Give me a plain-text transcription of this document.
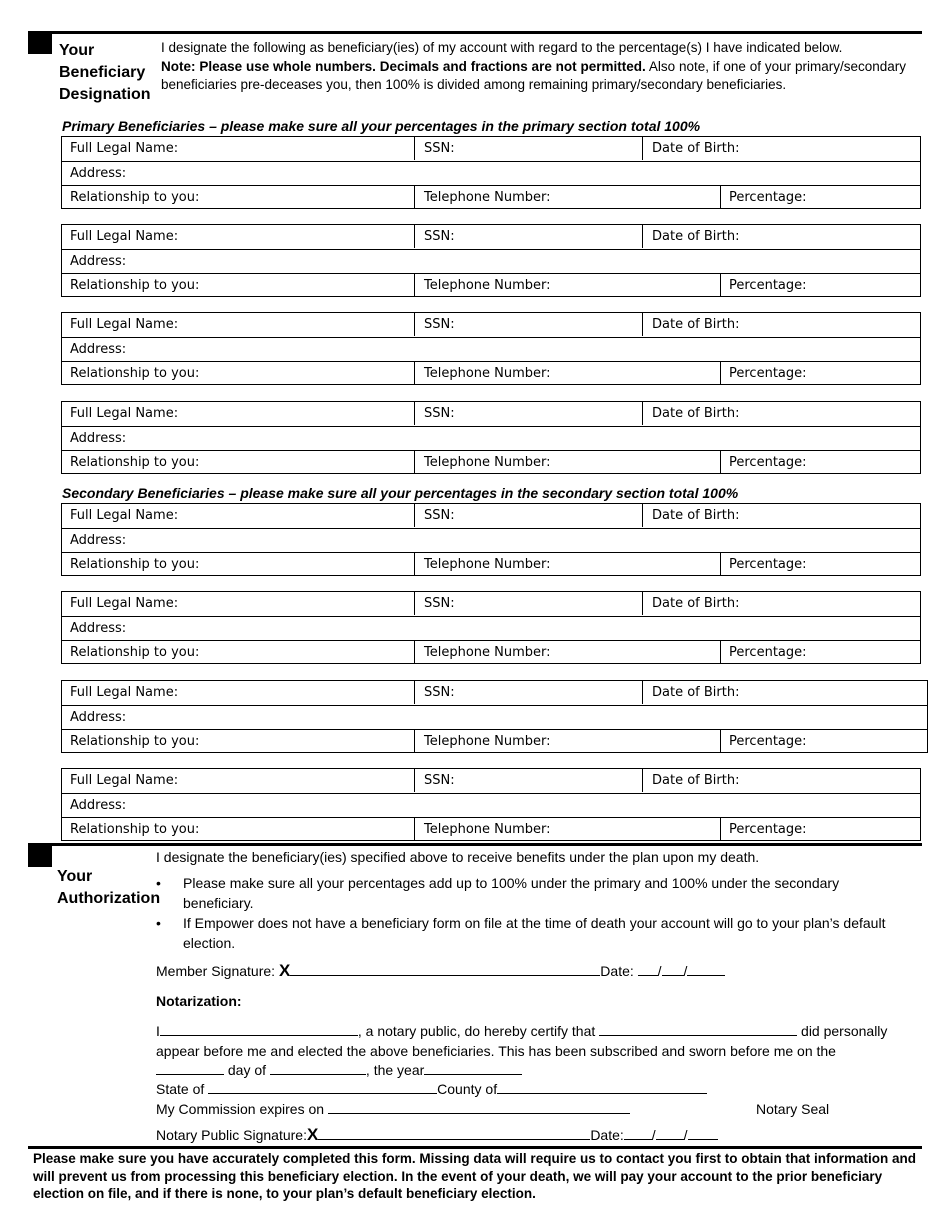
Your
Beneficiary
Designation
I designate the following as beneficiary(ies) of my account with regard to the percentage(s) I have indicated below.
Note: Please use whole numbers. Decimals and fractions are not permitted. Also note, if one of your primary/secondary beneficiaries pre-deceases you, then 100% is divided among remaining primary/secondary beneficiaries.
Primary Beneficiaries – please make sure all your percentages in the primary section total 100%
Full Legal Name:	SSN:	Date of Birth:
Address:
Relationship to you:	Telephone Number:	Percentage:
Full Legal Name:	SSN:	Date of Birth:
Address:
Relationship to you:	Telephone Number:	Percentage:
Full Legal Name:	SSN:	Date of Birth:
Address:
Relationship to you:	Telephone Number:	Percentage:
Full Legal Name:	SSN:	Date of Birth:
Address:
Relationship to you:	Telephone Number:	Percentage:
Secondary Beneficiaries – please make sure all your percentages in the secondary section total 100%
Full Legal Name:	SSN:	Date of Birth:
Address:
Relationship to you:	Telephone Number:	Percentage:
Full Legal Name:	SSN:	Date of Birth:
Address:
Relationship to you:	Telephone Number:	Percentage:
Full Legal Name:	SSN:	Date of Birth:
Address:
Relationship to you:	Telephone Number:	Percentage:
Full Legal Name:	SSN:	Date of Birth:
Address:
Relationship to you:	Telephone Number:	Percentage:
Your
Authorization
I designate the beneficiary(ies) specified above to receive benefits under the plan upon my death.
• Please make sure all your percentages add up to 100% under the primary and 100% under the secondary beneficiary.
• If Empower does not have a beneficiary form on file at the time of death your account will go to your plan’s default election.
Member Signature: X	Date: / /
Notarization:
I	, a notary public, do hereby certify that	did personally
appear before me and elected the above beneficiaries. This has been subscribed and sworn before me on the
day of	, the year
State of	County of
My Commission expires on	Notary Seal
Notary Public Signature:X	Date: / /
Please make sure you have accurately completed this form. Missing data will require us to contact you first to obtain that information and will prevent us from processing this beneficiary election. In the event of your death, we will pay your account to the prior beneficiary election on file, and if there is none, to your plan’s default beneficiary election.
